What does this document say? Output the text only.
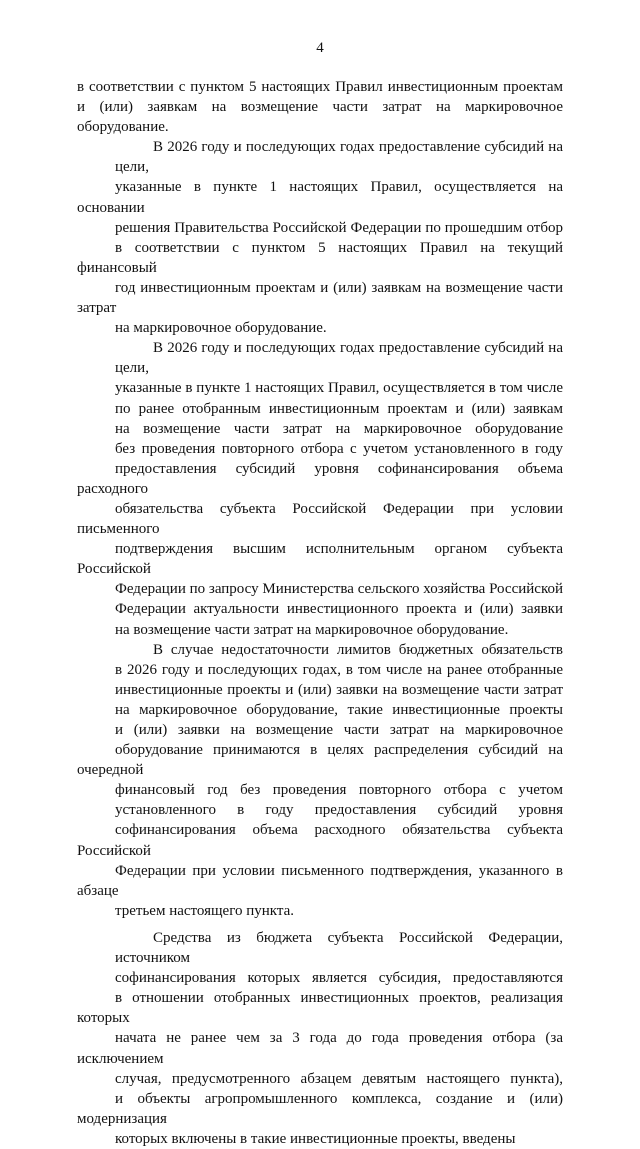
4
в соответствии с пунктом 5 настоящих Правил инвестиционным проектам
и (или) заявкам на возмещение части затрат на маркировочное
оборудование.
В 2026 году и последующих годах предоставление субсидий на цели,
указанные в пункте 1 настоящих Правил, осуществляется на основании
решения Правительства Российской Федерации по прошедшим отбор
в соответствии с пунктом 5 настоящих Правил на текущий финансовый
год инвестиционным проектам и (или) заявкам на возмещение части затрат
на маркировочное оборудование.
В 2026 году и последующих годах предоставление субсидий на цели,
указанные в пункте 1 настоящих Правил, осуществляется в том числе
по ранее отобранным инвестиционным проектам и (или) заявкам
на возмещение части затрат на маркировочное оборудование
без проведения повторного отбора с учетом установленного в году
предоставления субсидий уровня софинансирования объема расходного
обязательства субъекта Российской Федерации при условии письменного
подтверждения высшим исполнительным органом субъекта Российской
Федерации по запросу Министерства сельского хозяйства Российской
Федерации актуальности инвестиционного проекта и (или) заявки
на возмещение части затрат на маркировочное оборудование.
В случае недостаточности лимитов бюджетных обязательств
в 2026 году и последующих годах, в том числе на ранее отобранные
инвестиционные проекты и (или) заявки на возмещение части затрат
на маркировочное оборудование, такие инвестиционные проекты
и (или) заявки на возмещение части затрат на маркировочное
оборудование принимаются в целях распределения субсидий на очередной
финансовый год без проведения повторного отбора с учетом
установленного в году предоставления субсидий уровня
софинансирования объема расходного обязательства субъекта Российской
Федерации при условии письменного подтверждения, указанного в абзаце
третьем настоящего пункта.
Средства из бюджета субъекта Российской Федерации, источником
софинансирования которых является субсидия, предоставляются
в отношении отобранных инвестиционных проектов, реализация которых
начата не ранее чем за 3 года до года проведения отбора (за исключением
случая, предусмотренного абзацем девятым настоящего пункта),
и объекты агропромышленного комплекса, создание и (или) модернизация
которых включены в такие инвестиционные проекты, введены
